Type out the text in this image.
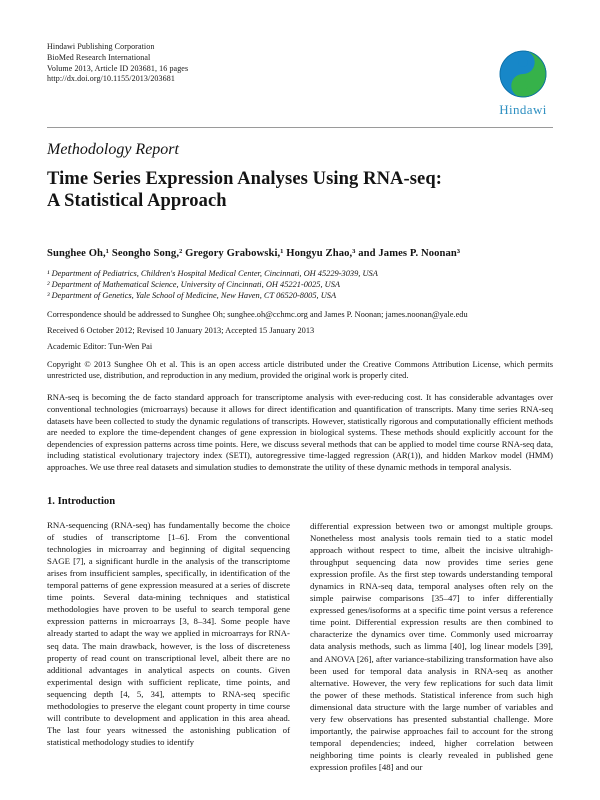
Hindawi Publishing Corporation
BioMed Research International
Volume 2013, Article ID 203681, 16 pages
http://dx.doi.org/10.1155/2013/203681
Hindawi
Methodology Report
Time Series Expression Analyses Using RNA-seq:
A Statistical Approach
Sunghee Oh,¹ Seongho Song,² Gregory Grabowski,¹ Hongyu Zhao,³ and James P. Noonan³
¹ Department of Pediatrics, Children's Hospital Medical Center, Cincinnati, OH 45229-3039, USA
² Department of Mathematical Science, University of Cincinnati, OH 45221-0025, USA
³ Department of Genetics, Yale School of Medicine, New Haven, CT 06520-8005, USA
Correspondence should be addressed to Sunghee Oh; sunghee.oh@cchmc.org and James P. Noonan; james.noonan@yale.edu
Received 6 October 2012; Revised 10 January 2013; Accepted 15 January 2013
Academic Editor: Tun-Wen Pai

Copyright © 2013 Sunghee Oh et al. This is an open access article distributed under the Creative Commons Attribution License, which permits unrestricted use, distribution, and reproduction in any medium, provided the original work is properly cited.

RNA-seq is becoming the de facto standard approach for transcriptome analysis with ever-reducing cost. It has considerable advantages over conventional technologies (microarrays) because it allows for direct identification and quantification of transcripts. Many time series RNA-seq datasets have been collected to study the dynamic regulations of transcripts. However, statistically rigorous and computationally efficient methods are needed to explore the time-dependent changes of gene expression in biological systems. These methods should explicitly account for the dependencies of expression patterns across time points. Here, we discuss several methods that can be applied to model time course RNA-seq data, including statistical evolutionary trajectory index (SETI), autoregressive time-lagged regression (AR(1)), and hidden Markov model (HMM) approaches. We use three real datasets and simulation studies to demonstrate the utility of these dynamic methods in temporal analysis.

1. Introduction
RNA-sequencing (RNA-seq) has fundamentally become the choice of studies of transcriptome [1–6]. From the conventional technologies in microarray and beginning of digital sequencing SAGE [7], a significant hurdle in the analysis of the transcriptome arises from insufficient samples, specifically, in identification of the temporal patterns of gene expression measured at a series of discrete time points. Several data-mining techniques and statistical methodologies have proven to be useful to search temporal gene expression patterns in microarrays [3, 8–34]. Some people have already started to adapt the way we applied in microarrays for RNA-seq data. The main drawback, however, is the loss of discreteness property of read count on transcriptional level, albeit there are no additional advantages in analytical aspects on counts. Given experimental design with sufficient replicate, time points, and sequencing depth [4, 5, 34], attempts to RNA-seq specific methodologies to preserve the elegant count property in time course will contribute to development and application in this area ahead. The last four years witnessed the astonishing publication of statistical methodology studies to identify
differential expression between two or amongst multiple groups. Nonetheless most analysis tools remain tied to a static model approach without respect to time, albeit the incisive ultrahigh-throughput sequencing data now provides time series gene expression profile. As the first step towards understanding temporal dynamics in RNA-seq data, temporal analyses often rely on the simple pairwise comparisons [35–47] to infer differentially expressed genes/isoforms at a specific time point versus a reference time point. Differential expression results are then combined to characterize the dynamics over time. Commonly used microarray data analysis methods, such as limma [40], log linear models [39], and ANOVA [26], after variance-stabilizing transformation have also been used for temporal data analysis in RNA-seq as another alternative. However, the very few replications for such data limit the power of these methods. Statistical inference from such high dimensional data structure with the large number of variables and very few observations has presented substantial challenge. More importantly, the pairwise approaches fail to account for the strong temporal dependencies; indeed, higher correlation between neighboring time points is clearly revealed in published gene expression profiles [48] and our
